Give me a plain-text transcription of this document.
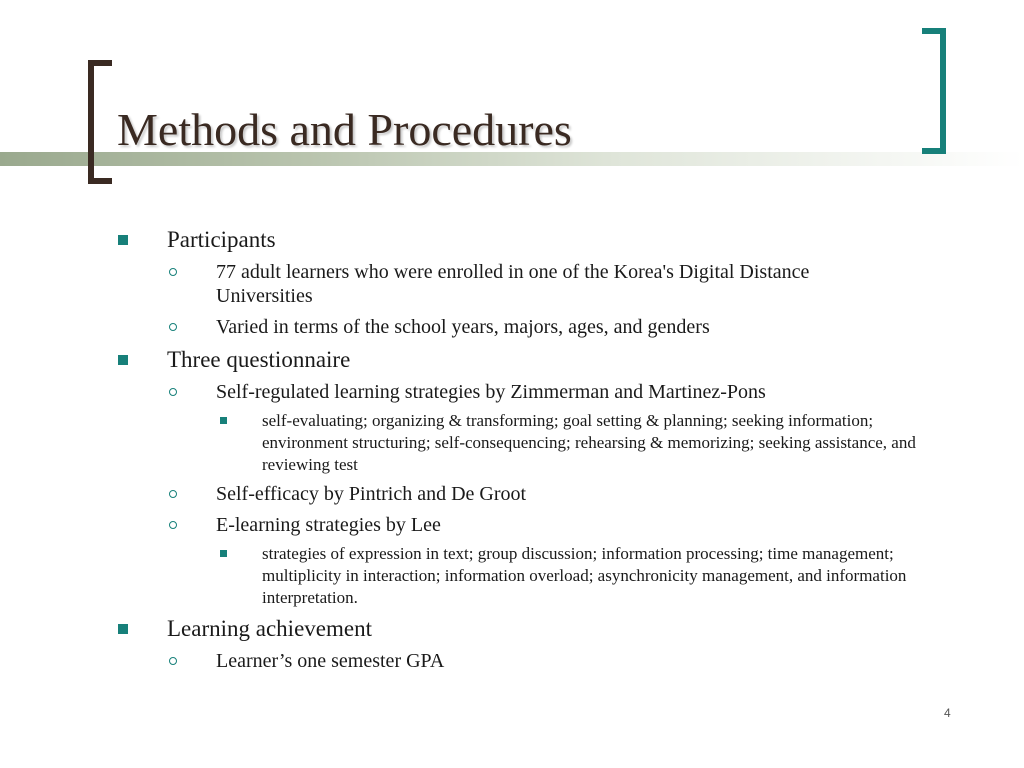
Methods and Procedures
Participants
77 adult learners who were enrolled in one of the Korea's Digital Distance Universities
Varied in terms of the school years, majors, ages, and genders
Three questionnaire
Self-regulated learning strategies by Zimmerman and Martinez-Pons
self-evaluating; organizing & transforming; goal setting & planning; seeking information; environment structuring; self-consequencing; rehearsing & memorizing; seeking assistance, and reviewing test
Self-efficacy by Pintrich and De Groot
E-learning strategies by Lee
strategies of expression in text; group discussion; information processing; time management; multiplicity in interaction; information overload; asynchronicity management, and information interpretation.
Learning achievement
Learner’s one semester GPA
4
